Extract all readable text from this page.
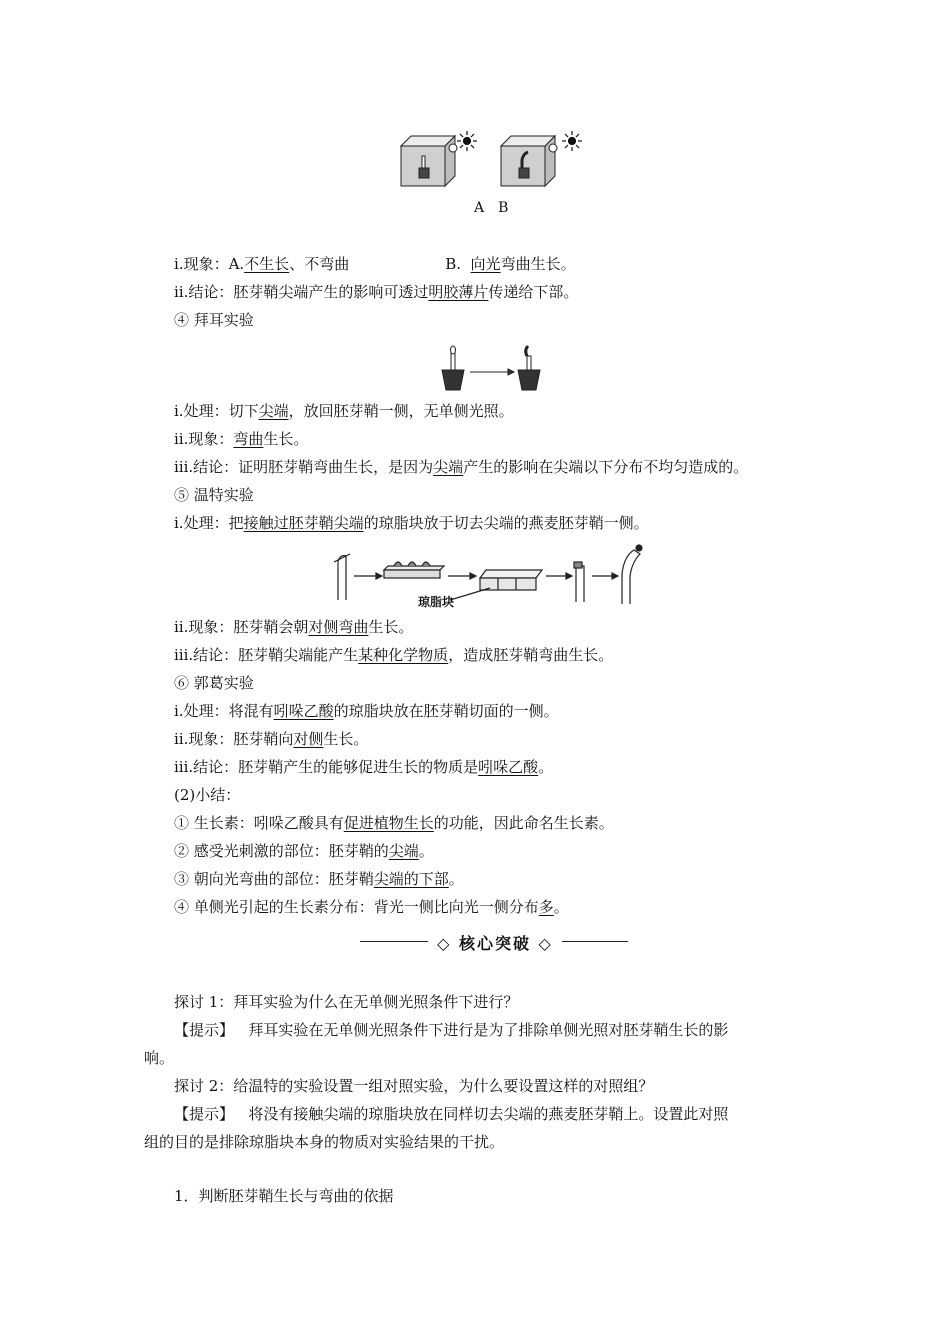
A　B
ⅰ.现象：A.不生长、不弯曲	B. 向光弯曲生长。
ⅱ.结论：胚芽鞘尖端产生的影响可透过明胶薄片传递给下部。
④ 拜耳实验
ⅰ.处理：切下尖端，放回胚芽鞘一侧，无单侧光照。
ⅱ.现象：弯曲生长。
ⅲ.结论：证明胚芽鞘弯曲生长，是因为尖端产生的影响在尖端以下分布不均匀造成的。
⑤ 温特实验
ⅰ.处理：把接触过胚芽鞘尖端的琼脂块放于切去尖端的燕麦胚芽鞘一侧。
琼脂块
ⅱ.现象：胚芽鞘会朝对侧弯曲生长。
ⅲ.结论：胚芽鞘尖端能产生某种化学物质，造成胚芽鞘弯曲生长。
⑥ 郭葛实验
ⅰ.处理：将混有吲哚乙酸的琼脂块放在胚芽鞘切面的一侧。
ⅱ.现象：胚芽鞘向对侧生长。
ⅲ.结论：胚芽鞘产生的能够促进生长的物质是吲哚乙酸。
(2)小结：
① 生长素：吲哚乙酸具有促进植物生长的功能，因此命名生长素。
② 感受光刺激的部位：胚芽鞘的尖端。
③ 朝向光弯曲的部位：胚芽鞘尖端的下部。
④ 单侧光引起的生长素分布：背光一侧比向光一侧分布多。
◇ 核心突破 ◇
探讨 1：拜耳实验为什么在无单侧光照条件下进行？
【提示】 拜耳实验在无单侧光照条件下进行是为了排除单侧光照对胚芽鞘生长的影
响。
探讨 2：给温特的实验设置一组对照实验，为什么要设置这样的对照组？
【提示】 将没有接触尖端的琼脂块放在同样切去尖端的燕麦胚芽鞘上。设置此对照
组的目的是排除琼脂块本身的物质对实验结果的干扰。
1．判断胚芽鞘生长与弯曲的依据
